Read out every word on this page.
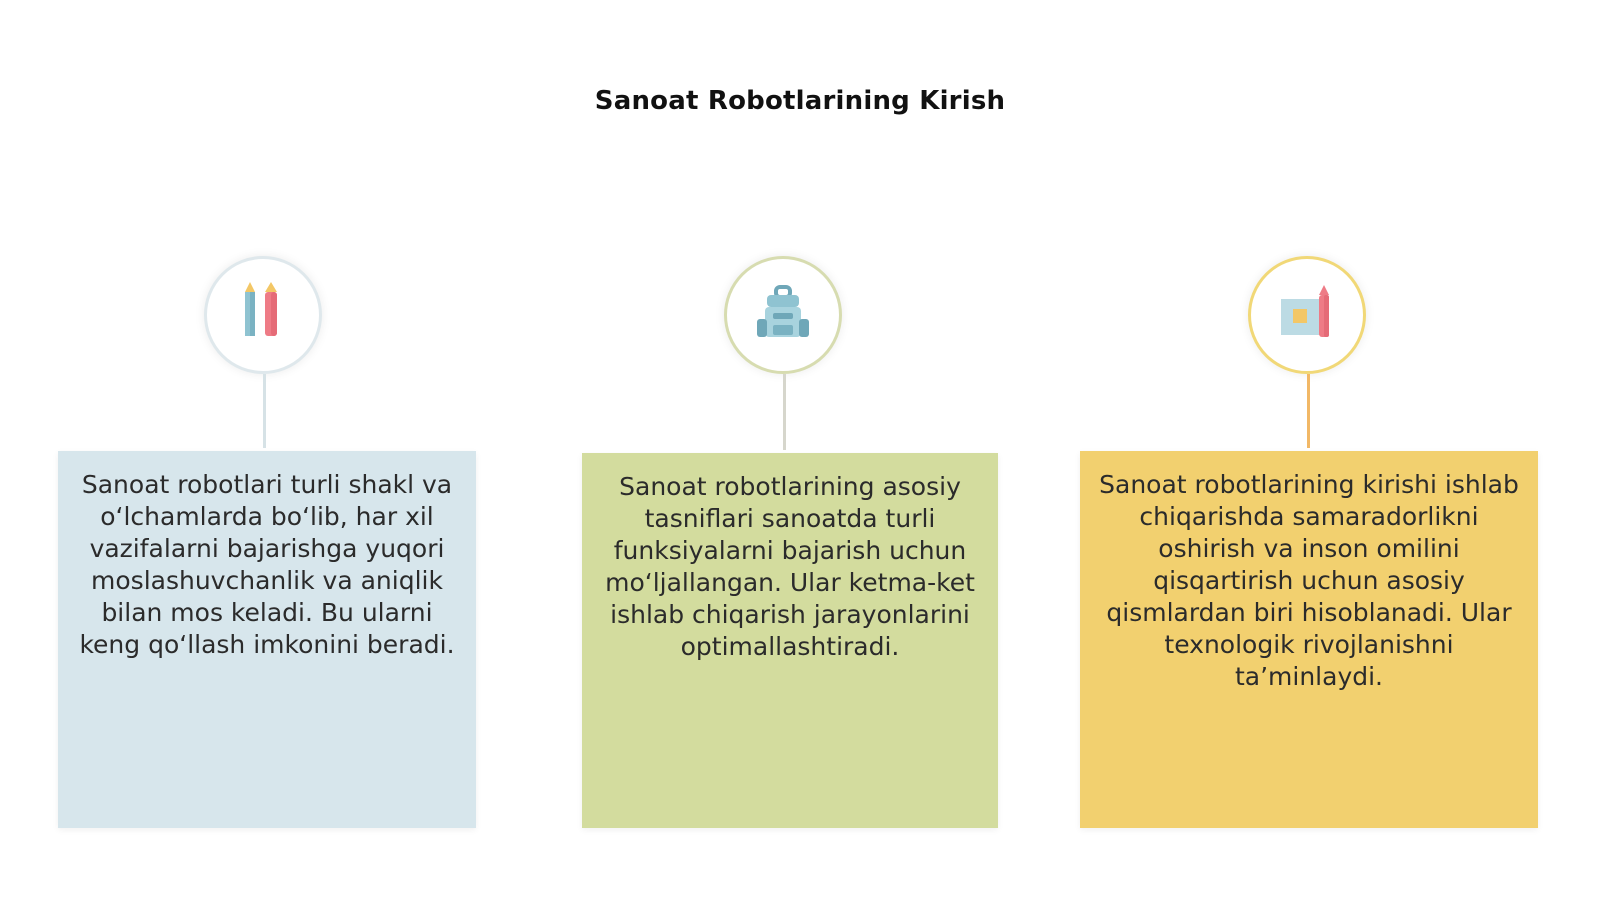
Sanoat Robotlarining Kirish
Sanoat robotlari turli shakl va o‘lchamlarda bo‘lib, har xil vazifalarni bajarishga yuqori moslashuvchanlik va aniqlik bilan mos keladi. Bu ularni keng qo‘llash imkonini beradi.
Sanoat robotlarining asosiy tasniflari sanoatda turli funksiyalarni bajarish uchun mo‘ljallangan. Ular ketma-ket ishlab chiqarish jarayonlarini optimallashtiradi.
Sanoat robotlarining kirishi ishlab chiqarishda samaradorlikni oshirish va inson omilini qisqartirish uchun asosiy qismlardan biri hisoblanadi. Ular texnologik rivojlanishni ta’minlaydi.
